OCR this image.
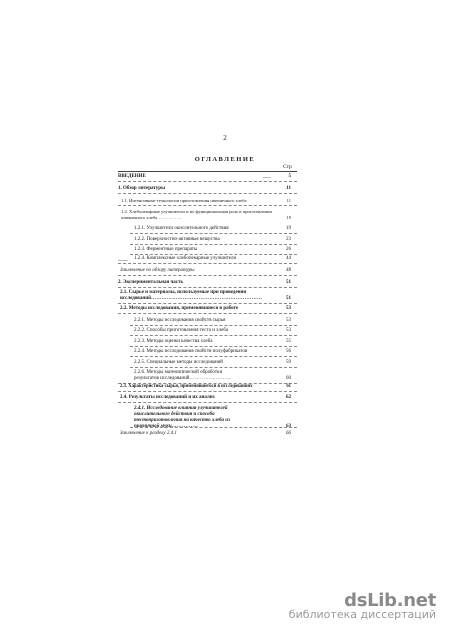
2
ОГЛАВЛЕНИЕ
Стр
ВВЕДЕНИЕ	5
1. Обзор литературы	11
1.1. Интенсивные технологии приготовления пшеничного хлеба	11
1.2. Хлебопекарные улучшители и их функциональная роль в приготовлении пшеничного хлеба……………	19
1.2.1. Улучшители окислительного действия	19
1.2.2. Поверхностно-активные вещества	23
1.2.3. Ферментные препараты	26
1.2.4. Комплексные хлебопекарные улучшители	44
Заключение по обзору литературы	48
2. Экспериментальная часть	51
2.1. Сырье и материалы, используемые при проведении исследований………………………………………………………	51
2.2. Методы исследования, применявшиеся в работе	53
2.2.1. Методы исследования свойств сырья	53
2.2.2. Способы приготовления теста и хлеба	53
2.2.3. Методы оценки качества хлеба	55
2.2.4. Методы исследования свойств полуфабрикатов	56
2.2.5. Специальные методы исследований	59
2.2.6. Методы математической обработки результатов исследований……………………	60
2.3. Характеристика сырья, применявшегося в исследованиях	61
2.4. Результаты исследований и их анализ	62
2.4.1. Исследование влияния улучшителей окислительного действия и способа тестоприготовления на качество хлеба из пшеничной муки……………	63
Заключение к разделу 2.4.1	66
dsLib.net
библиотека диссертаций
